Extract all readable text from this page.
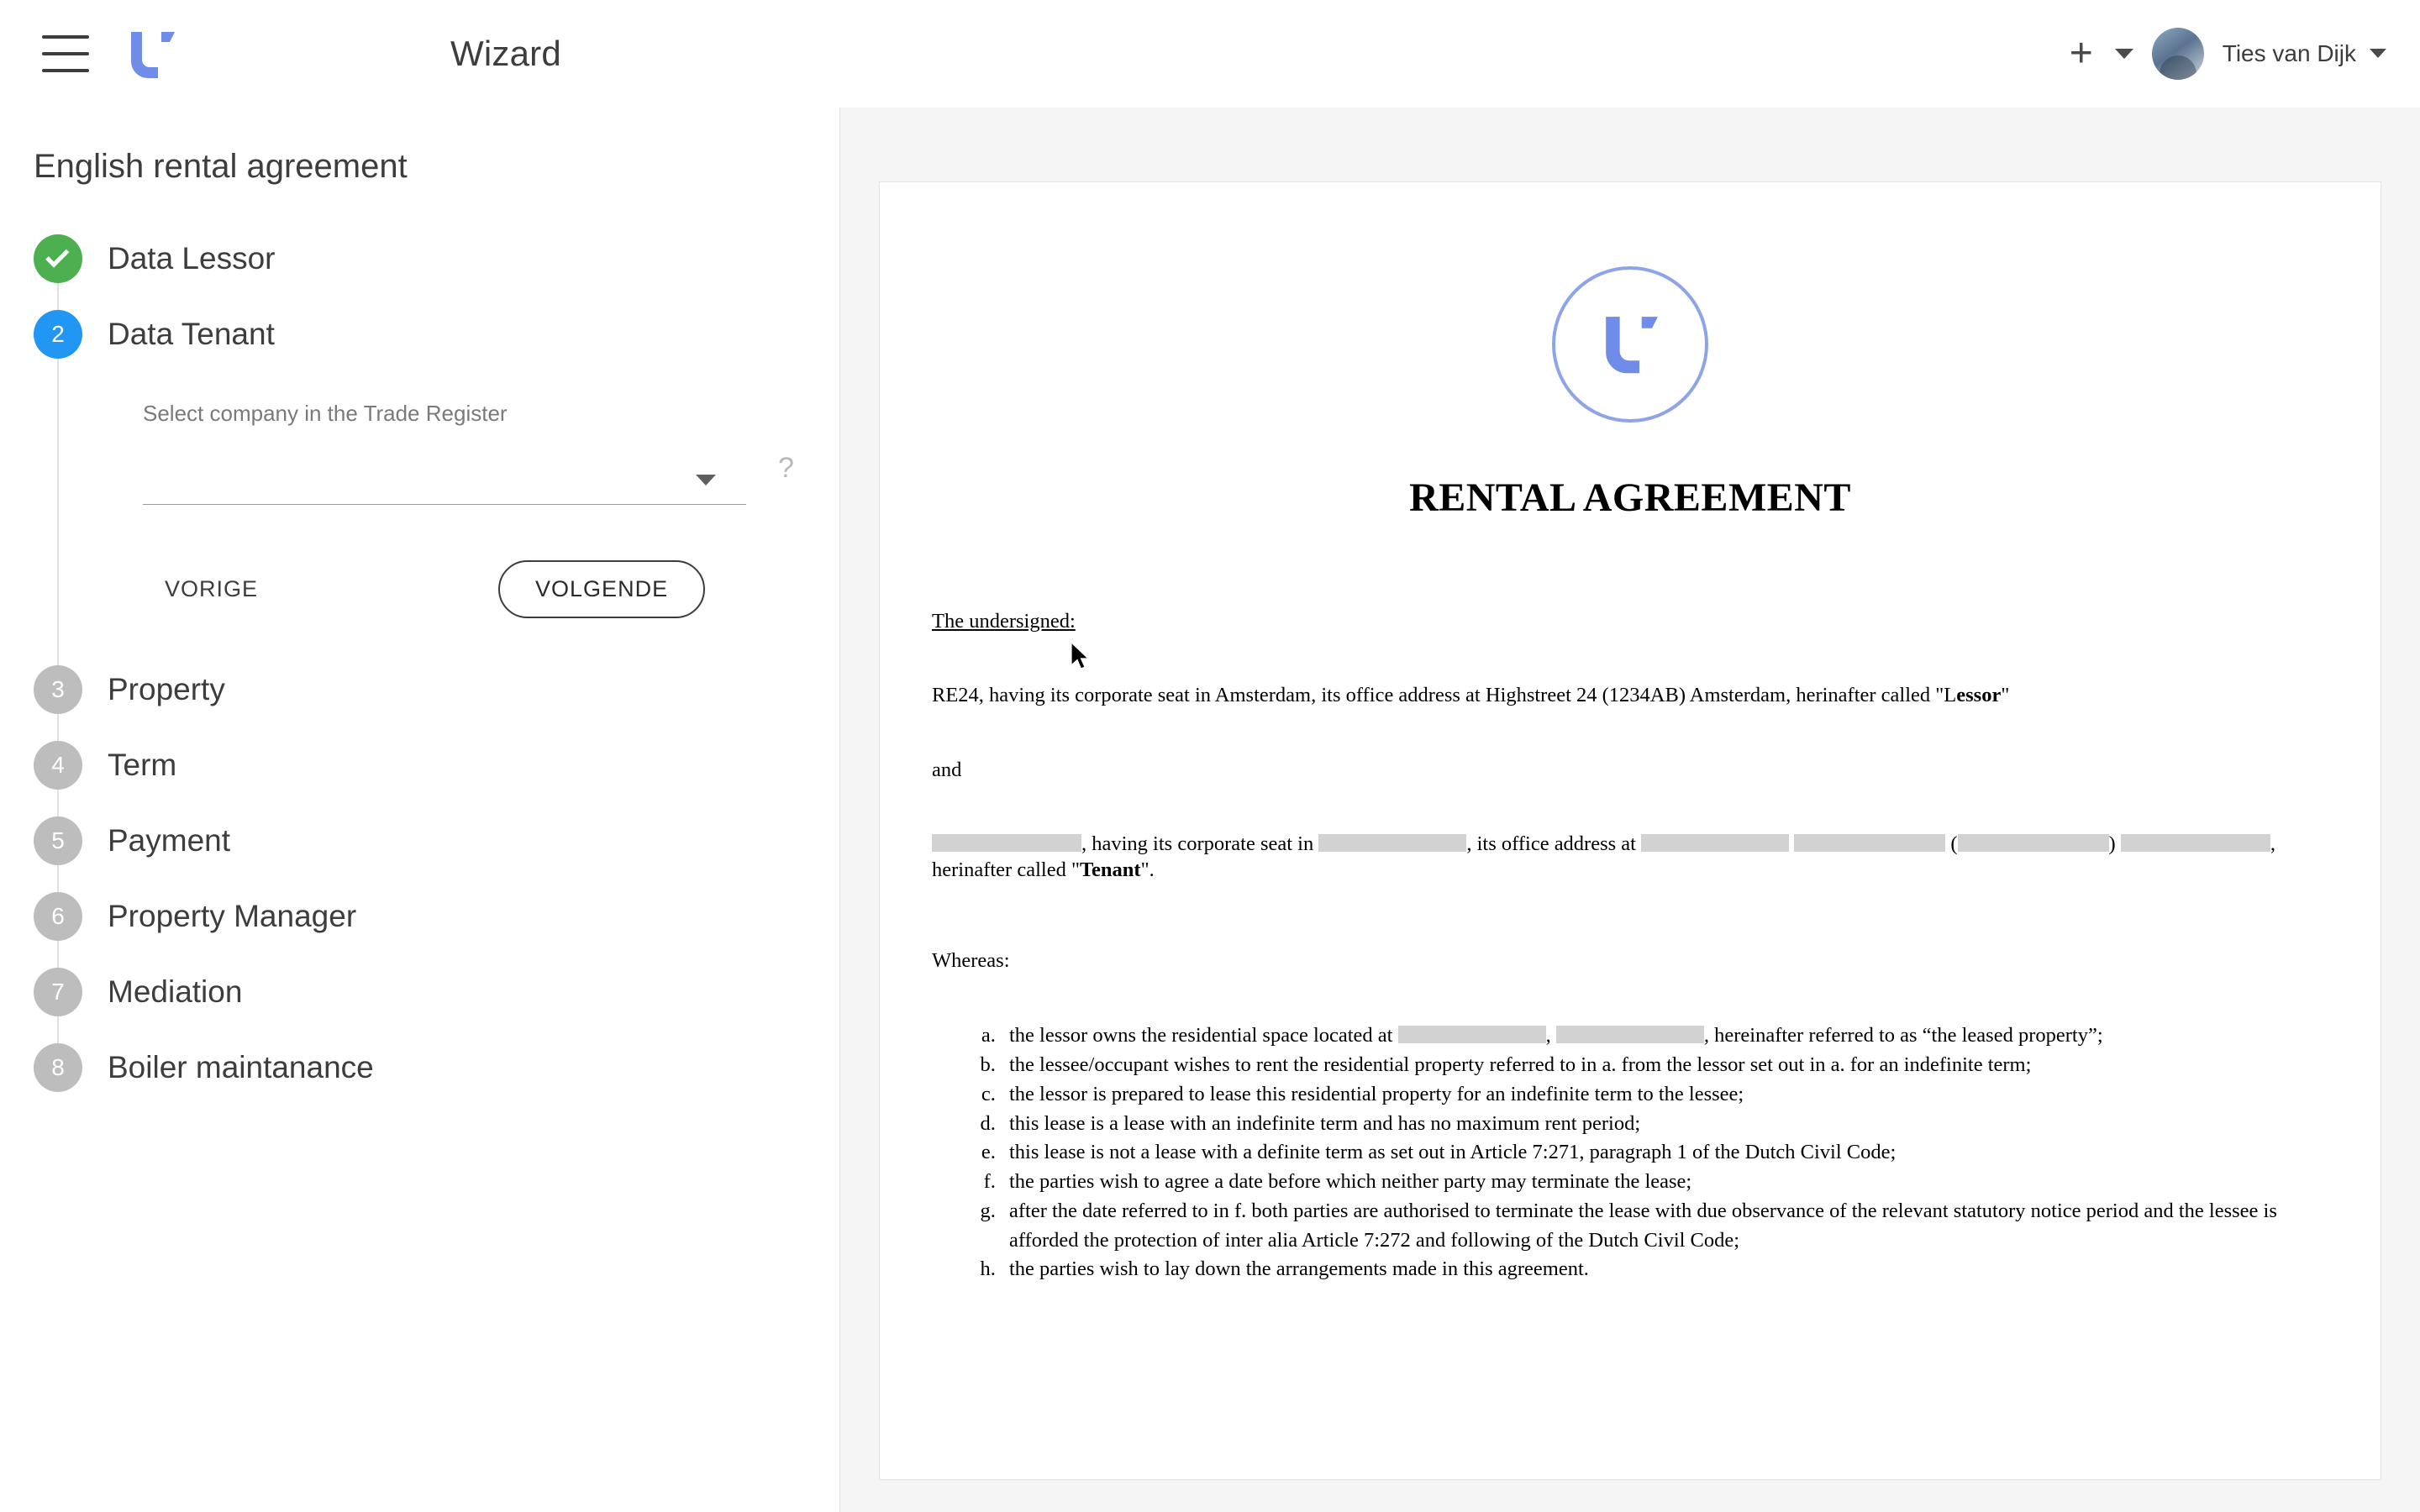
Wizard	+	Ties van Dijk
English rental agreement
Data Lessor
2	Data Tenant
Select company in the Trade Register
?
VORIGE	VOLGENDE
3	Property
4	Term
5	Payment
6	Property Manager
7	Mediation
8	Boiler maintanance
RENTAL AGREEMENT

The undersigned:

RE24, having its corporate seat in Amsterdam, its office address at Highstreet 24 (1234AB) Amsterdam, herinafter called "Lessor"

and

, having its corporate seat in	, its office address at	(	)	,
herinafter called "Tenant".

Whereas:

a. the lessor owns the residential space located at	,	, hereinafter referred to as “the leased property”;
b. the lessee/occupant wishes to rent the residential property referred to in a. from the lessor set out in a. for an indefinite term;
c. the lessor is prepared to lease this residential property for an indefinite term to the lessee;
d. this lease is a lease with an indefinite term and has no maximum rent period;
e. this lease is not a lease with a definite term as set out in Article 7:271, paragraph 1 of the Dutch Civil Code;
f. the parties wish to agree a date before which neither party may terminate the lease;
g. after the date referred to in f. both parties are authorised to terminate the lease with due observance of the relevant statutory notice period and the lessee is afforded the protection of inter alia Article 7:272 and following of the Dutch Civil Code;
h. the parties wish to lay down the arrangements made in this agreement.
